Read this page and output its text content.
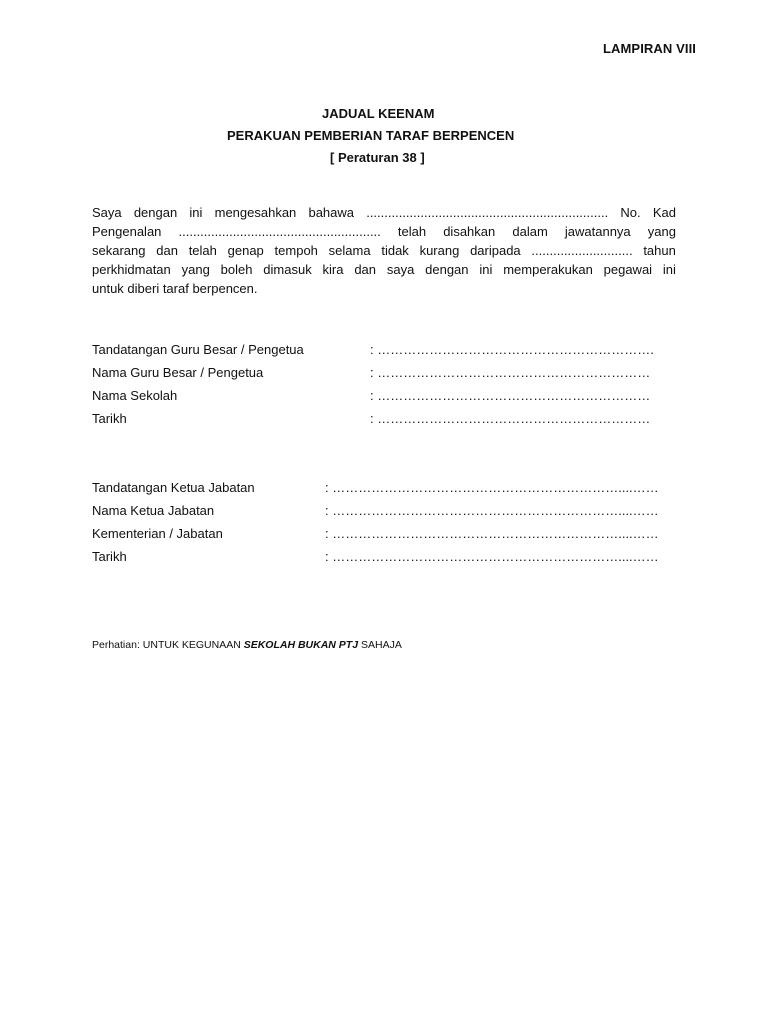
LAMPIRAN VIII
JADUAL KEENAM
PERAKUAN PEMBERIAN TARAF BERPENCEN
[ Peraturan 38 ]
Saya dengan ini mengesahkan bahawa ................................................................... No. Kad
Pengenalan ........................................................ telah disahkan dalam jawatannya yang
sekarang dan telah genap tempoh selama tidak kurang daripada ............................ tahun
perkhidmatan yang boleh dimasuk kira dan saya dengan ini memperakukan pegawai ini
untuk diberi taraf berpencen.
Tandatangan Guru Besar / Pengetua	: ……………………………………………………….
Nama Guru Besar / Pengetua	: ………………………………………………………
Nama Sekolah	: ………………………………………………………
Tarikh	: ………………………………………………………
Tandatangan Ketua Jabatan	: …………………………………………………………....……
Nama Ketua Jabatan	: …………………………………………………………....……
Kementerian / Jabatan	: …………………………………………………………....……
Tarikh	: …………………………………………………………....……
Perhatian: UNTUK KEGUNAAN SEKOLAH BUKAN PTJ SAHAJA
